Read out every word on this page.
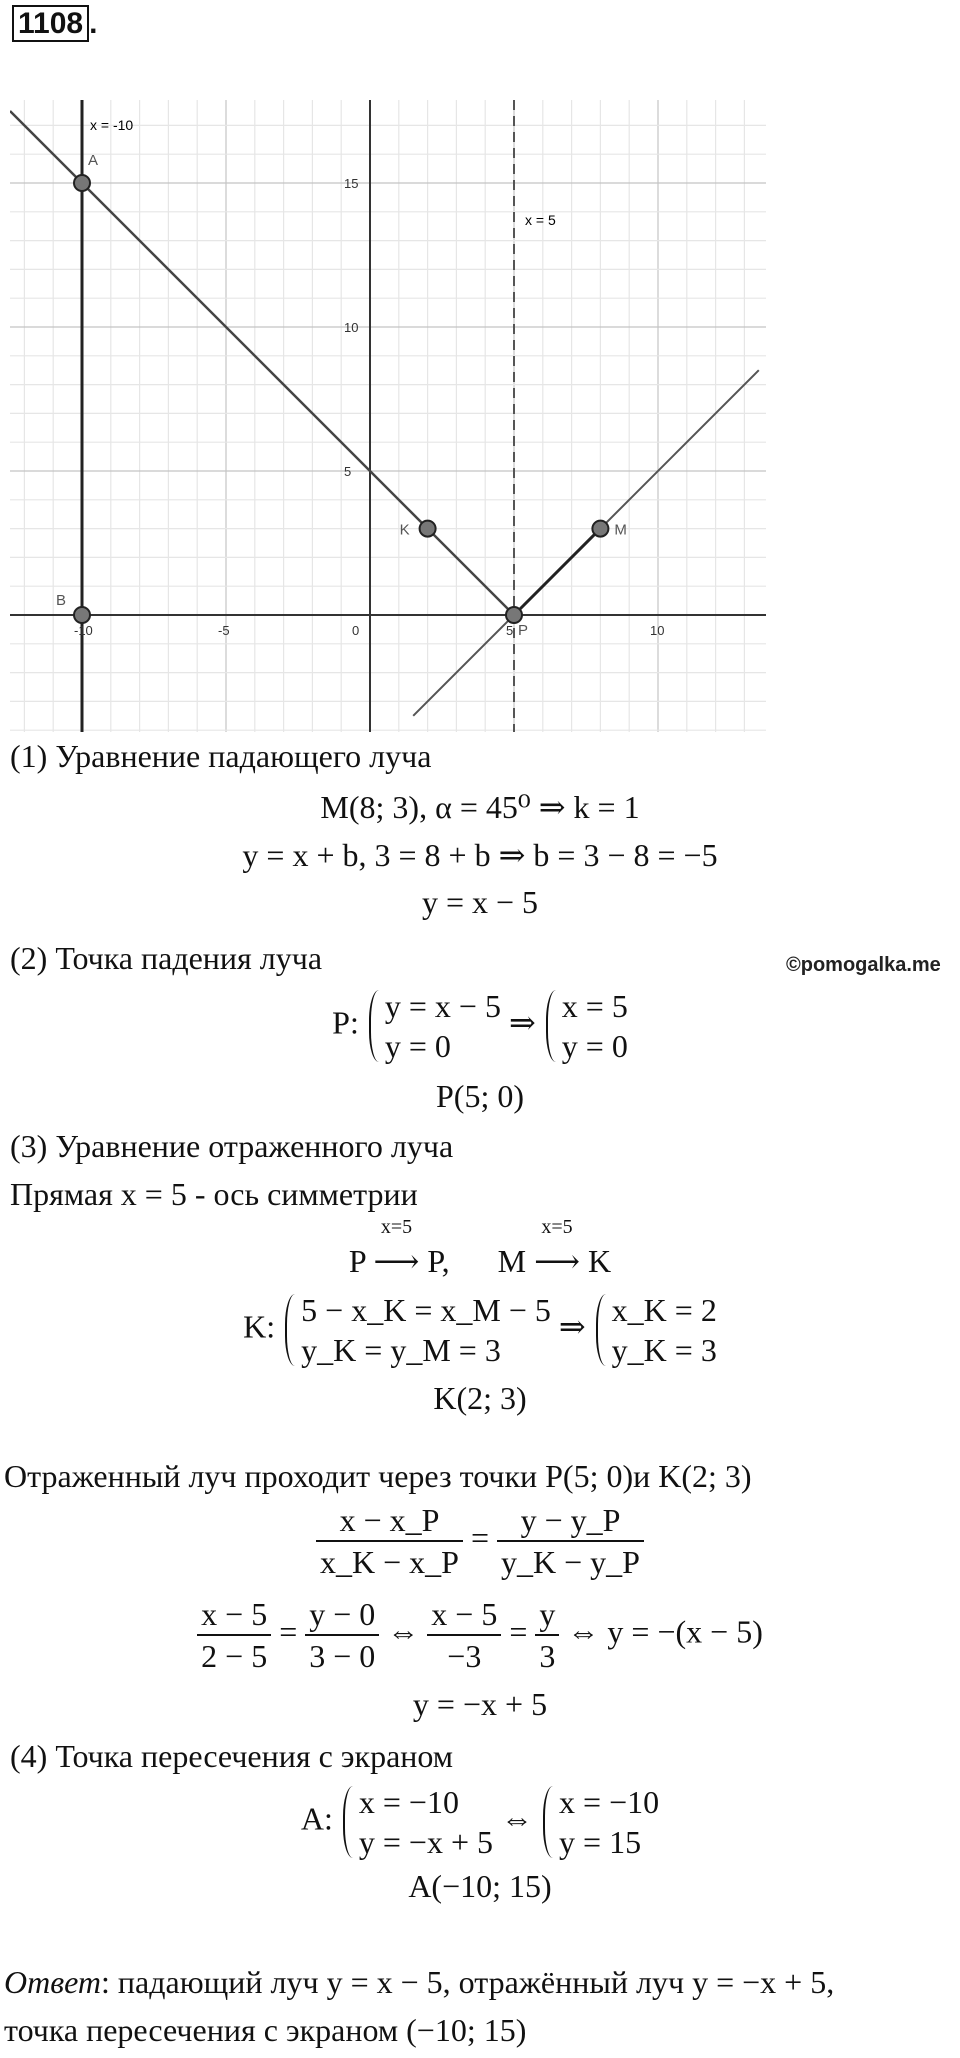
1108 .
A
B
K
P
M
-10	-5	0	5	10
5
10
15
x = -10
x = 5
©pomogalka.me
(1) Уравнение падающего луча
M(8; 3), α = 45⁰ ⇒ k = 1
y = x + b, 3 = 8 + b ⇒ b = 3 − 8 = −5
y = x − 5
(2) Точка падения луча
P: y = x − 5
y = 0 ⇒ x = 5
y = 0
P(5; 0)
(3) Уравнение отраженного луча
Прямая x = 5 - ось симметрии
P
x=5
⟶ P, M
x=5
⟶ K
K: 5 − x_K = x_M − 5
y_K = y_M = 3 ⇒ x_K = 2
y_K = 3
K(2; 3)
Отраженный луч проходит через точки P(5; 0)и K(2; 3)
$\frac{x - x\_P}{x\_K - x\_P} = \frac{y - y\_P}{y\_K - y\_P}$
$\frac{x - 5}{2 - 5} = \frac{y - 0}{3 - 0}$ ⇔ $\frac{x - 5}{-3} = \frac{y}{3}$ ⇔ y = −(x − 5)
y = −x + 5
(4) Точка пересечения с экраном
A: x = −10
y = −x + 5 ⇔ x = −10
y = 15
A(−10; 15)
Ответ: падающий луч y = x − 5, отражённый луч y = −x + 5,
точка пересечения с экраном (−10; 15)
